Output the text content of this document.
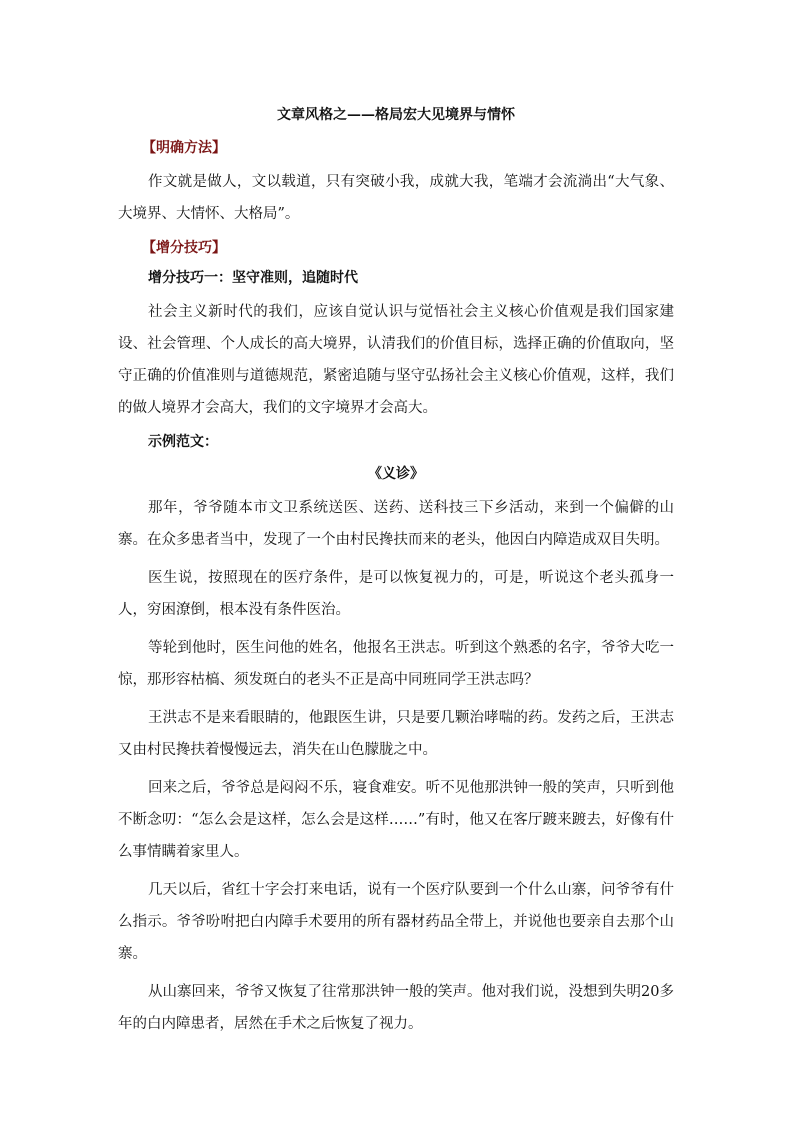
文章风格之——格局宏大见境界与情怀
【明确方法】

作文就是做人，文以载道，只有突破小我，成就大我，笔端才会流淌出“大气象、大境界、大情怀、大格局”。

【增分技巧】
增分技巧一：坚守准则，追随时代

社会主义新时代的我们，应该自觉认识与觉悟社会主义核心价值观是我们国家建设、社会管理、个人成长的高大境界，认清我们的价值目标，选择正确的价值取向，坚守正确的价值准则与道德规范，紧密追随与坚守弘扬社会主义核心价值观，这样，我们的做人境界才会高大，我们的文字境界才会高大。

示例范文：
《义诊》

那年，爷爷随本市文卫系统送医、送药、送科技三下乡活动，来到一个偏僻的山寨。在众多患者当中，发现了一个由村民搀扶而来的老头，他因白内障造成双目失明。

医生说，按照现在的医疗条件，是可以恢复视力的，可是，听说这个老头孤身一人，穷困潦倒，根本没有条件医治。

等轮到他时，医生问他的姓名，他报名王洪志。听到这个熟悉的名字，爷爷大吃一惊，那形容枯槁、须发斑白的老头不正是高中同班同学王洪志吗？

王洪志不是来看眼睛的，他跟医生讲，只是要几颗治哮喘的药。发药之后，王洪志又由村民搀扶着慢慢远去，消失在山色朦胧之中。

回来之后，爷爷总是闷闷不乐，寝食难安。听不见他那洪钟一般的笑声，只听到他不断念叨：“怎么会是这样，怎么会是这样……”有时，他又在客厅踱来踱去，好像有什么事情瞒着家里人。

几天以后，省红十字会打来电话，说有一个医疗队要到一个什么山寨，问爷爷有什么指示。爷爷吩咐把白内障手术要用的所有器材药品全带上，并说他也要亲自去那个山寨。

从山寨回来，爷爷又恢复了往常那洪钟一般的笑声。他对我们说，没想到失明20多年的白内障患者，居然在手术之后恢复了视力。
